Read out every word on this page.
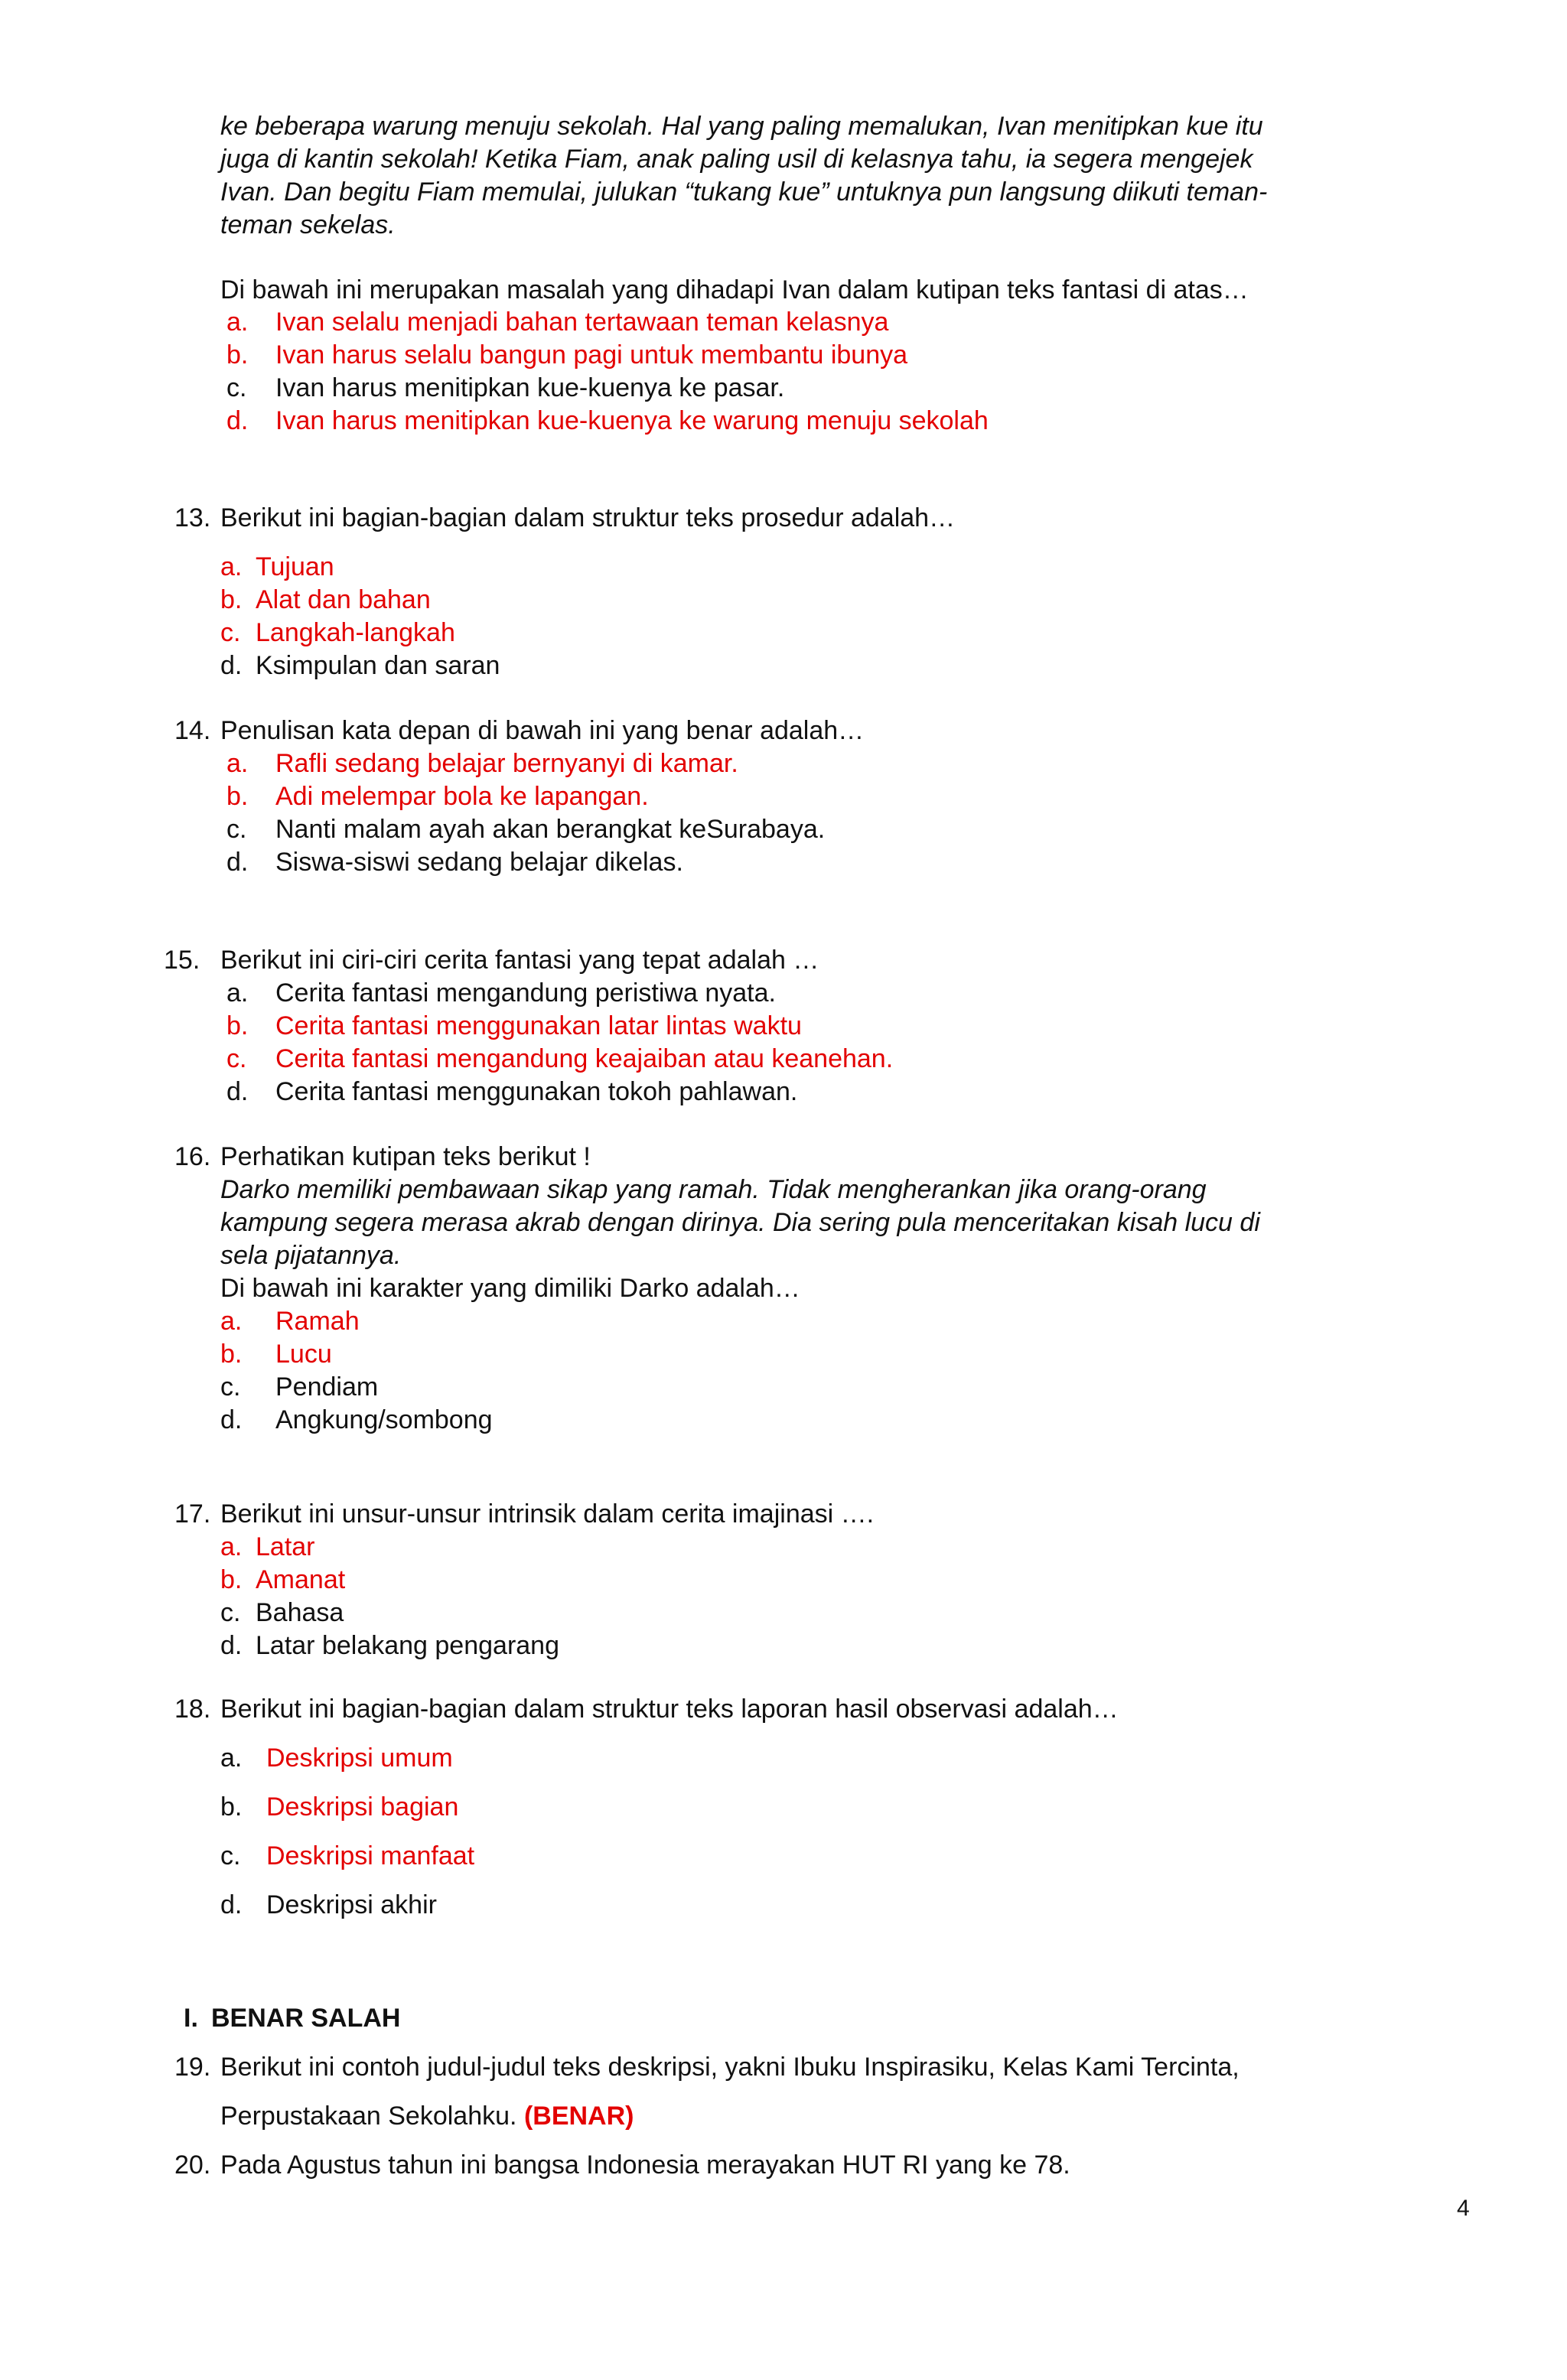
ke beberapa warung menuju sekolah. Hal yang paling memalukan, Ivan menitipkan kue itu
juga di kantin sekolah! Ketika Fiam, anak paling usil di kelasnya tahu, ia segera mengejek
Ivan. Dan begitu Fiam memulai, julukan “tukang kue” untuknya pun langsung diikuti teman-
teman sekelas.
Di bawah ini merupakan masalah yang dihadapi Ivan dalam kutipan teks fantasi di atas…
a. Ivan selalu menjadi bahan tertawaan teman kelasnya
b. Ivan harus selalu bangun pagi untuk membantu ibunya
c. Ivan harus menitipkan kue-kuenya ke pasar.
d. Ivan harus menitipkan kue-kuenya ke warung menuju sekolah
13. Berikut ini bagian-bagian dalam struktur teks prosedur adalah…
a. Tujuan
b. Alat dan bahan
c. Langkah-langkah
d. Ksimpulan dan saran
14. Penulisan kata depan di bawah ini yang benar adalah…
a. Rafli sedang belajar bernyanyi di kamar.
b. Adi melempar bola ke lapangan.
c. Nanti malam ayah akan berangkat keSurabaya.
d. Siswa-siswi sedang belajar dikelas.
15. Berikut ini ciri-ciri cerita fantasi yang tepat adalah …
a. Cerita fantasi mengandung peristiwa nyata.
b. Cerita fantasi menggunakan latar lintas waktu
c. Cerita fantasi mengandung keajaiban atau keanehan.
d. Cerita fantasi menggunakan tokoh pahlawan.
16. Perhatikan kutipan teks berikut !
Darko memiliki pembawaan sikap yang ramah. Tidak mengherankan jika orang-orang
kampung segera merasa akrab dengan dirinya. Dia sering pula menceritakan kisah lucu di
sela pijatannya.
Di bawah ini karakter yang dimiliki Darko adalah…
a. Ramah
b. Lucu
c. Pendiam
d. Angkung/sombong
17. Berikut ini unsur-unsur intrinsik dalam cerita imajinasi ….
a. Latar
b. Amanat
c. Bahasa
d. Latar belakang pengarang
18. Berikut ini bagian-bagian dalam struktur teks laporan hasil observasi adalah…
a. Deskripsi umum
b. Deskripsi bagian
c. Deskripsi manfaat
d. Deskripsi akhir
I. BENAR SALAH
19. Berikut ini contoh judul-judul teks deskripsi, yakni Ibuku Inspirasiku, Kelas Kami Tercinta,
Perpustakaan Sekolahku. (BENAR)
20. Pada Agustus tahun ini bangsa Indonesia merayakan HUT RI yang ke 78.
4
